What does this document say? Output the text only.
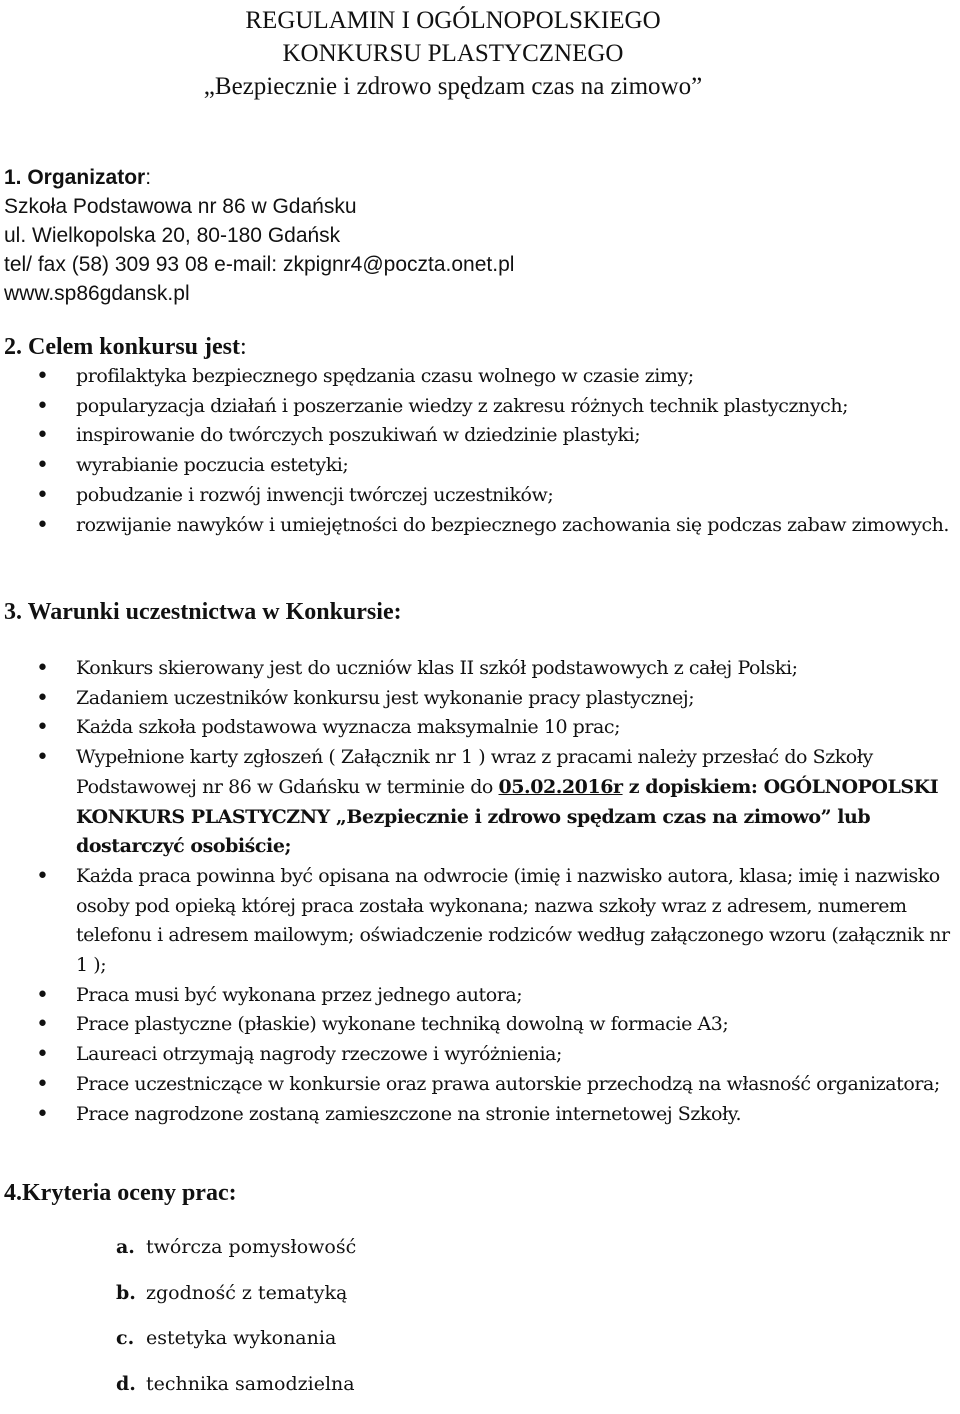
REGULAMIN I OGÓLNOPOLSKIEGO
KONKURSU PLASTYCZNEGO
„Bezpiecznie i zdrowo spędzam czas na zimowo”
1. Organizator:
Szkoła Podstawowa nr 86 w Gdańsku
ul. Wielkopolska 20, 80-180 Gdańsk
tel/ fax (58) 309 93 08 e-mail: zkpignr4@poczta.onet.pl
www.sp86gdansk.pl
2. Celem konkursu jest:
• profilaktyka bezpiecznego spędzania czasu wolnego w czasie zimy;
• popularyzacja działań i poszerzanie wiedzy z zakresu różnych technik plastycznych;
• inspirowanie do twórczych poszukiwań w dziedzinie plastyki;
• wyrabianie poczucia estetyki;
• pobudzanie i rozwój inwencji twórczej uczestników;
• rozwijanie nawyków i umiejętności do bezpiecznego zachowania się podczas zabaw zimowych.
3. Warunki uczestnictwa w Konkursie:
• Konkurs skierowany jest do uczniów klas II szkół podstawowych z całej Polski;
• Zadaniem uczestników konkursu jest wykonanie pracy plastycznej;
• Każda szkoła podstawowa wyznacza maksymalnie 10 prac;
• Wypełnione karty zgłoszeń ( Załącznik nr 1 ) wraz z pracami należy przesłać do Szkoły Podstawowej nr 86 w Gdańsku w terminie do 05.02.2016r z dopiskiem: OGÓLNOPOLSKI KONKURS PLASTYCZNY „Bezpiecznie i zdrowo spędzam czas na zimowo” lub dostarczyć osobiście;
• Każda praca powinna być opisana na odwrocie (imię i nazwisko autora, klasa; imię i nazwisko osoby pod opieką której praca została wykonana; nazwa szkoły wraz z adresem, numerem telefonu i adresem mailowym; oświadczenie rodziców według załączonego wzoru (załącznik nr 1 );
• Praca musi być wykonana przez jednego autora;
• Prace plastyczne (płaskie) wykonane techniką dowolną w formacie A3;
• Laureaci otrzymają nagrody rzeczowe i wyróżnienia;
• Prace uczestniczące w konkursie oraz prawa autorskie przechodzą na własność organizatora;
• Prace nagrodzone zostaną zamieszczone na stronie internetowej Szkoły.
4.Kryteria oceny prac:
a. twórcza pomysłowość
b. zgodność z tematyką
c. estetyka wykonania
d. technika samodzielna
